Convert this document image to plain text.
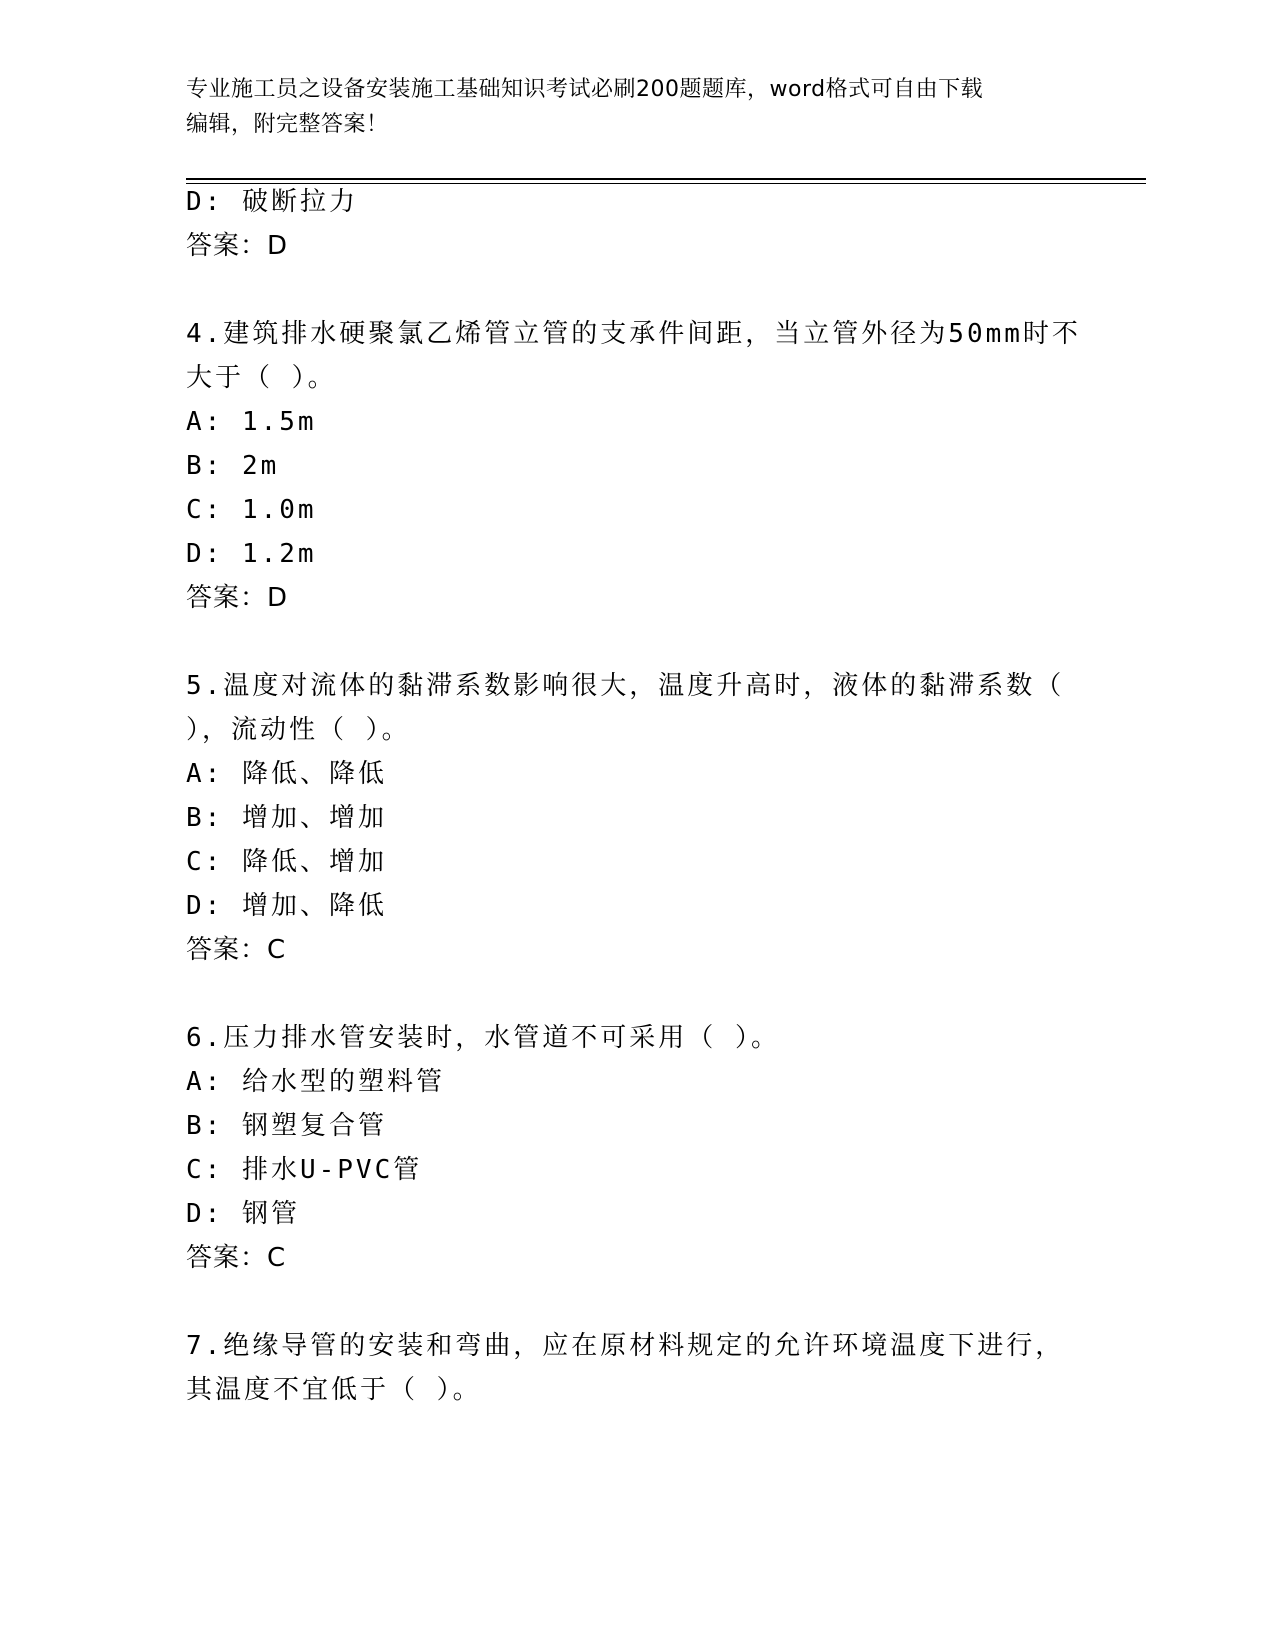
专业施工员之设备安装施工基础知识考试必刷200题题库，word格式可自由下载
编辑，附完整答案！
D: 破断拉力
答案：D
4.建筑排水硬聚氯乙烯管立管的支承件间距，当立管外径为50mm时不
大于（ ）。
A: 1.5m
B: 2m
C: 1.0m
D: 1.2m
答案：D
5.温度对流体的黏滞系数影响很大，温度升高时，液体的黏滞系数（
），流动性（ ）。
A: 降低、降低
B: 增加、增加
C: 降低、增加
D: 增加、降低
答案：C
6.压力排水管安装时，水管道不可采用（ ）。
A: 给水型的塑料管
B: 钢塑复合管
C: 排水U-PVC管
D: 钢管
答案：C
7.绝缘导管的安装和弯曲，应在原材料规定的允许环境温度下进行，
其温度不宜低于（ ）。
